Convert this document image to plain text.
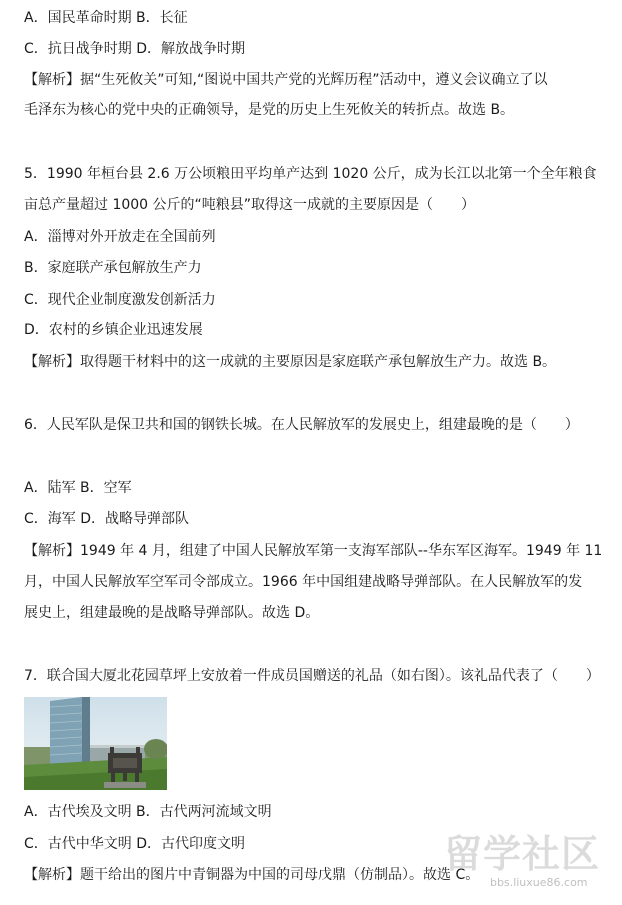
A．国民革命时期 B．长征
C．抗日战争时期 D．解放战争时期
【解析】据“生死攸关”可知,“图说中国共产党的光辉历程”活动中，遵义会议确立了以
毛泽东为核心的党中央的正确领导，是党的历史上生死攸关的转折点。故选 B。
5．1990 年桓台县 2.6 万公顷粮田平均单产达到 1020 公斤，成为长江以北第一个全年粮食
亩总产量超过 1000 公斤的“吨粮县”取得这一成就的主要原因是（　　）
A．淄博对外开放走在全国前列
B．家庭联产承包解放生产力
C．现代企业制度激发创新活力
D．农村的乡镇企业迅速发展
【解析】取得题干材料中的这一成就的主要原因是家庭联产承包解放生产力。故选 B。
6．人民军队是保卫共和国的钢铁长城。在人民解放军的发展史上，组建最晚的是（　　）
A．陆军 B．空军
C．海军 D．战略导弹部队
【解析】1949 年 4 月，组建了中国人民解放军第一支海军部队--华东军区海军。1949 年 11
月，中国人民解放军空军司令部成立。1966 年中国组建战略导弹部队。在人民解放军的发
展史上，组建最晚的是战略导弹部队。故选 D。
7．联合国大厦北花园草坪上安放着一件成员国赠送的礼品（如右图）。该礼品代表了（　　）
A．古代埃及文明 B．古代两河流域文明
C．古代中华文明 D．古代印度文明
【解析】题干给出的图片中青铜器为中国的司母戊鼎（仿制品）。故选 C。
留学社区
bbs.liuxue86.com
